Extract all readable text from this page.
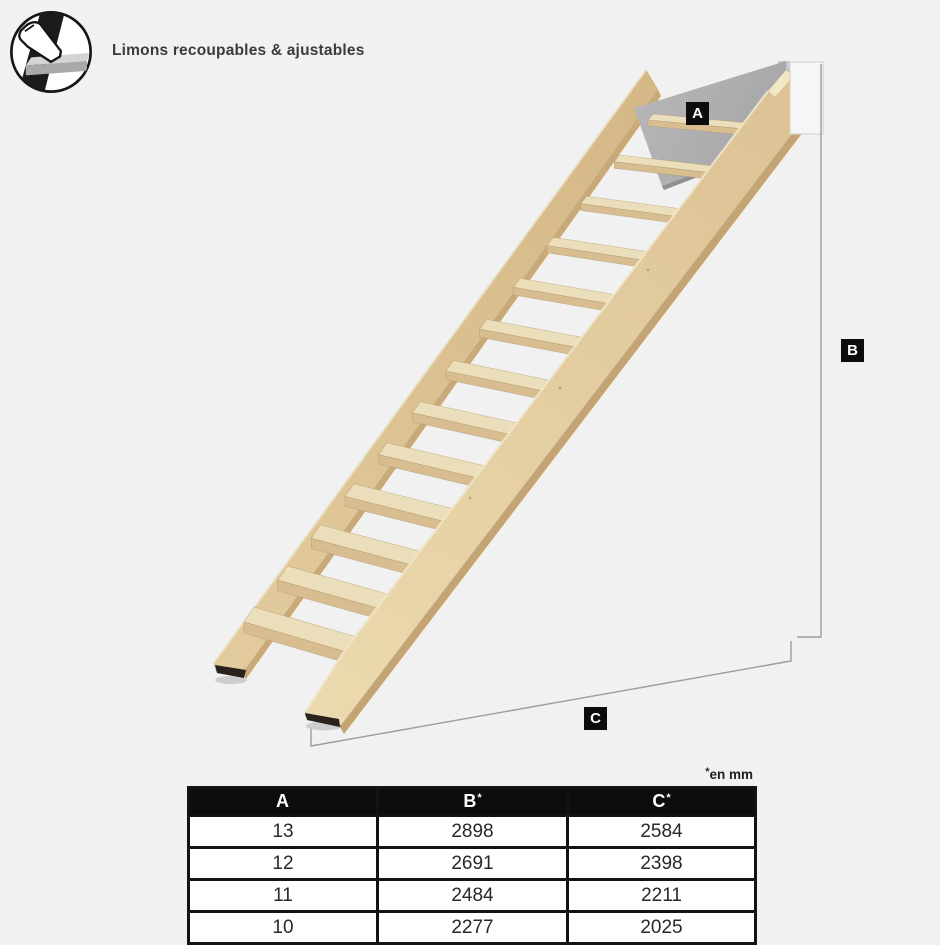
Limons recoupables & ajustables
A
B
C
*en mm
A	B*	C*
13	2898	2584
12	2691	2398
11	2484	2211
10	2277	2025
